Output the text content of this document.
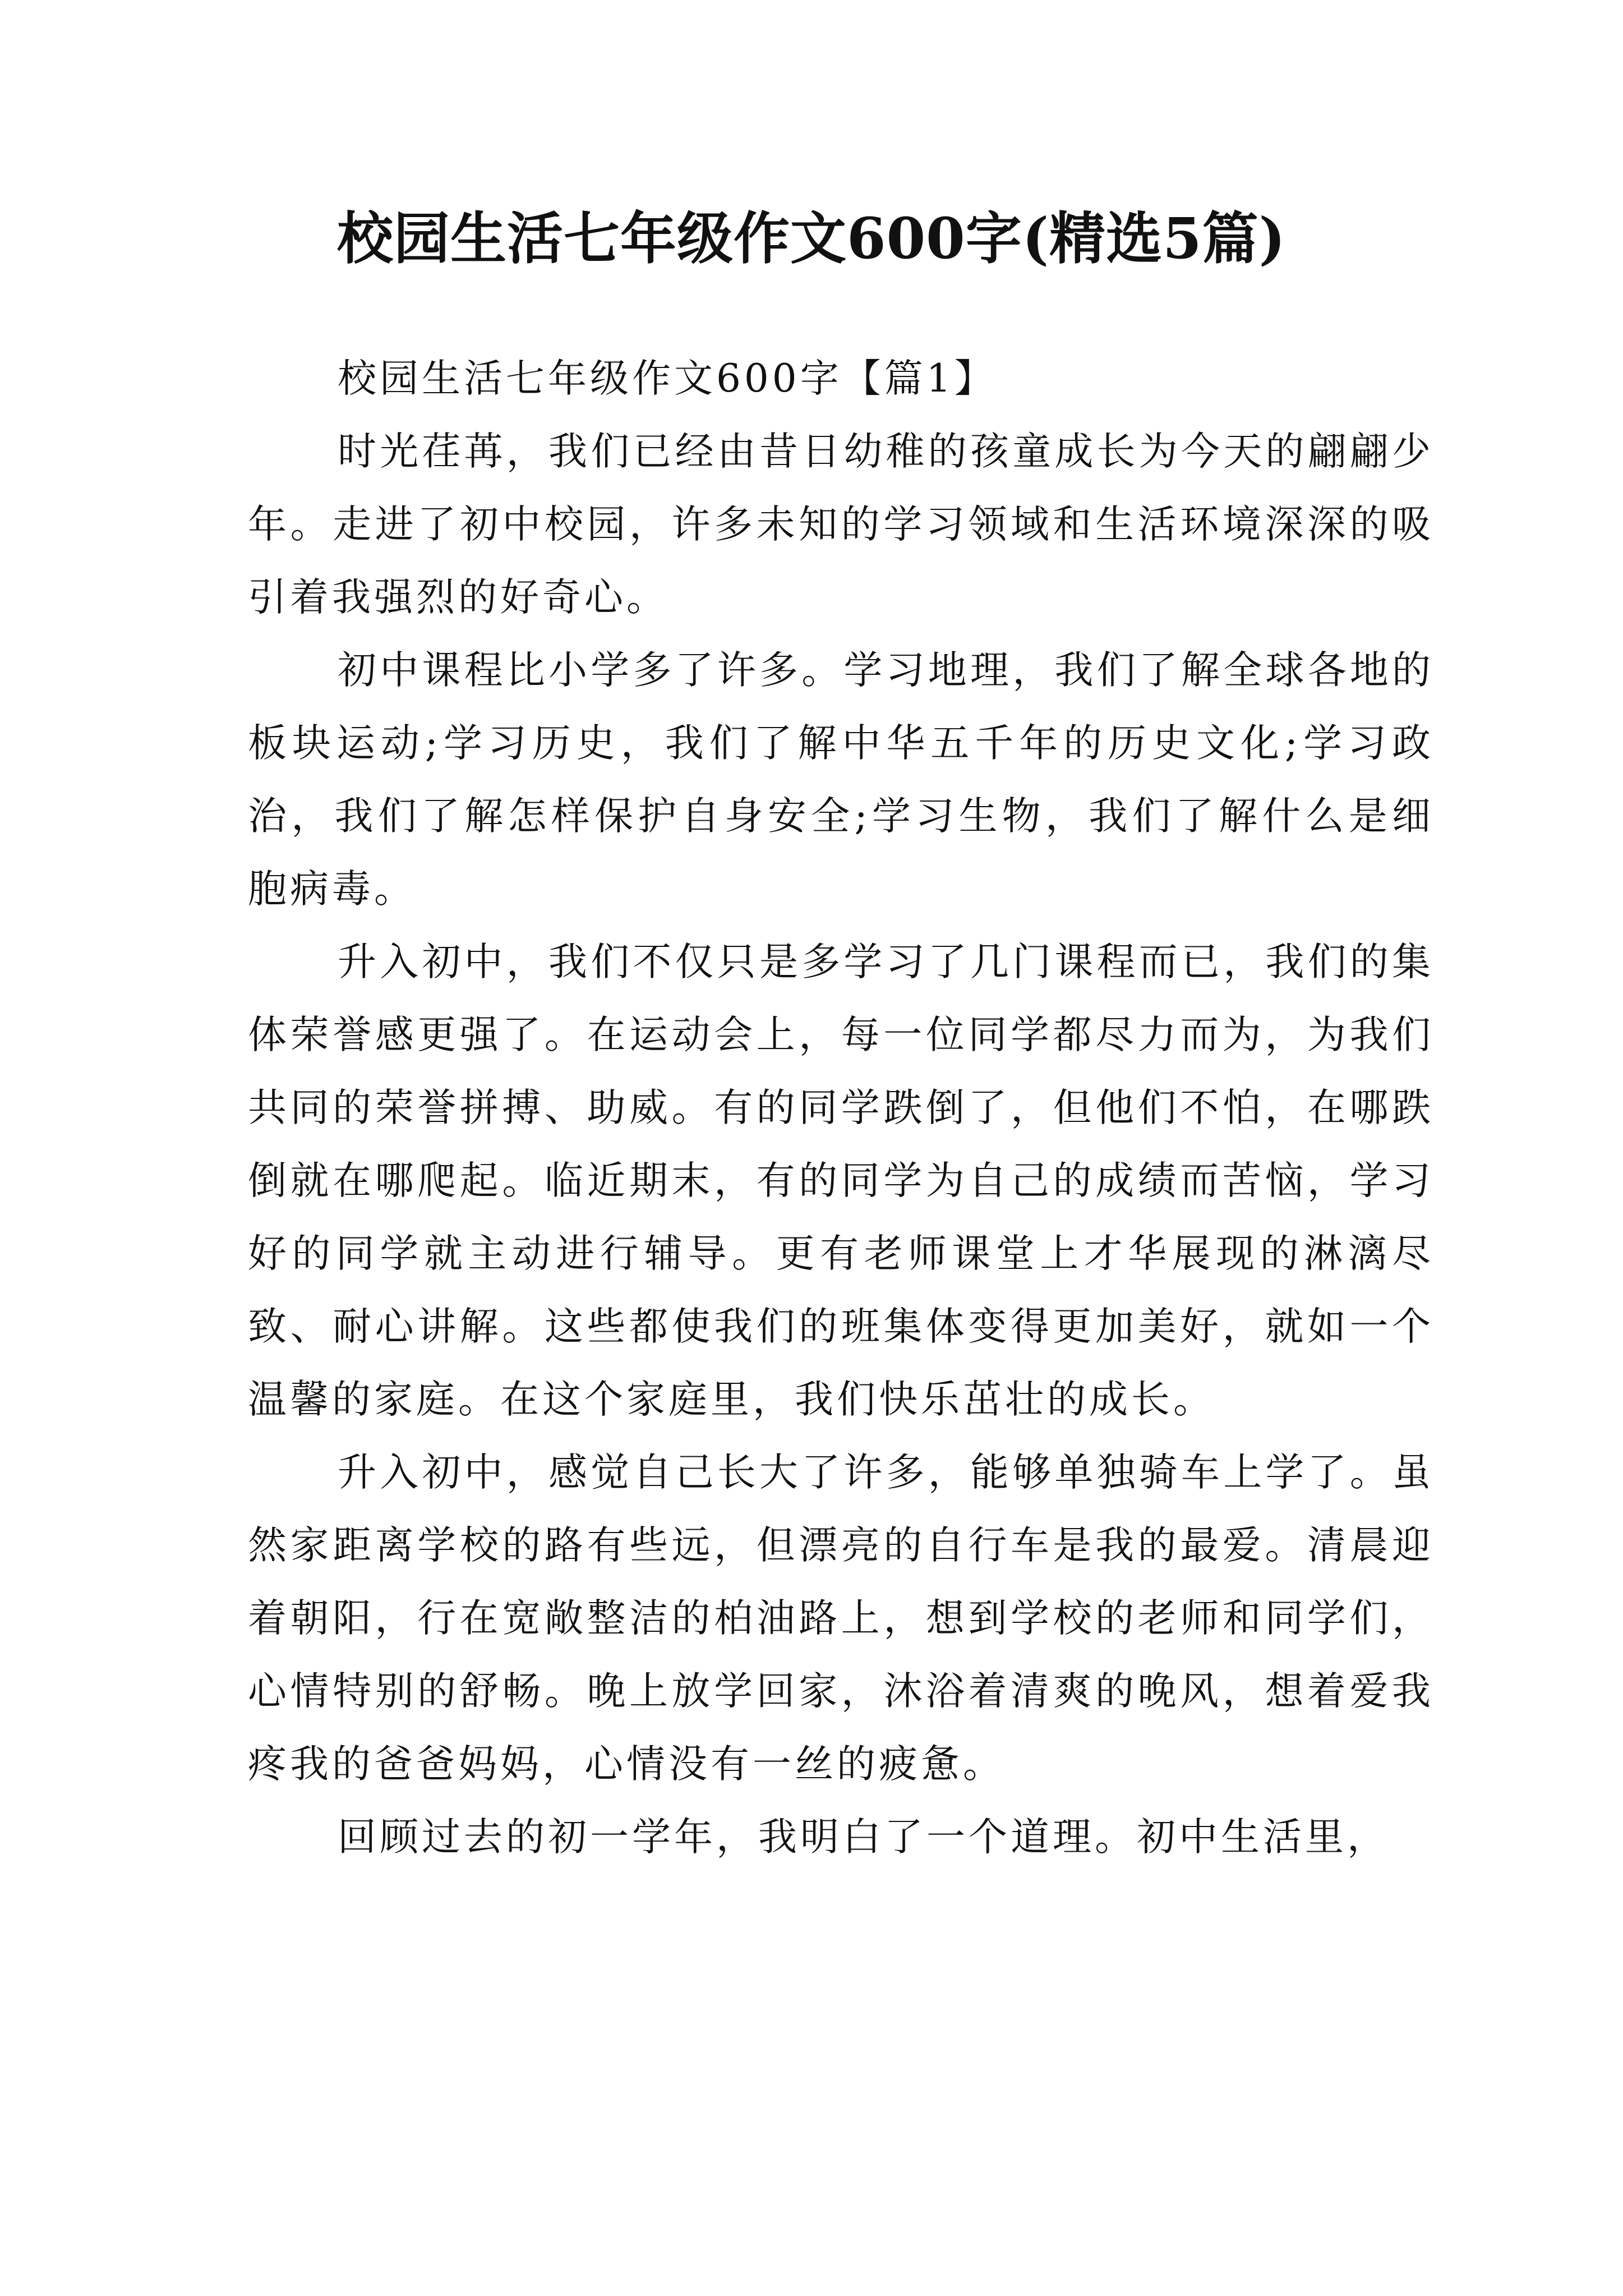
校园生活七年级作文600字(精选5篇)

校园生活七年级作文600字【篇1】

时光荏苒，我们已经由昔日幼稚的孩童成长为今天的翩翩少年。走进了初中校园，许多未知的学习领域和生活环境深深的吸引着我强烈的好奇心。

初中课程比小学多了许多。学习地理，我们了解全球各地的板块运动;学习历史，我们了解中华五千年的历史文化;学习政治，我们了解怎样保护自身安全;学习生物，我们了解什么是细胞病毒。

升入初中，我们不仅只是多学习了几门课程而已，我们的集体荣誉感更强了。在运动会上，每一位同学都尽力而为，为我们共同的荣誉拼搏、助威。有的同学跌倒了，但他们不怕，在哪跌倒就在哪爬起。临近期末，有的同学为自己的成绩而苦恼，学习好的同学就主动进行辅导。更有老师课堂上才华展现的淋漓尽致、耐心讲解。这些都使我们的班集体变得更加美好，就如一个温馨的家庭。在这个家庭里，我们快乐茁壮的成长。

升入初中，感觉自己长大了许多，能够单独骑车上学了。虽然家距离学校的路有些远，但漂亮的自行车是我的最爱。清晨迎着朝阳，行在宽敞整洁的柏油路上，想到学校的老师和同学们，心情特别的舒畅。晚上放学回家，沐浴着清爽的晚风，想着爱我疼我的爸爸妈妈，心情没有一丝的疲惫。

回顾过去的初一学年，我明白了一个道理。初中生活里，
